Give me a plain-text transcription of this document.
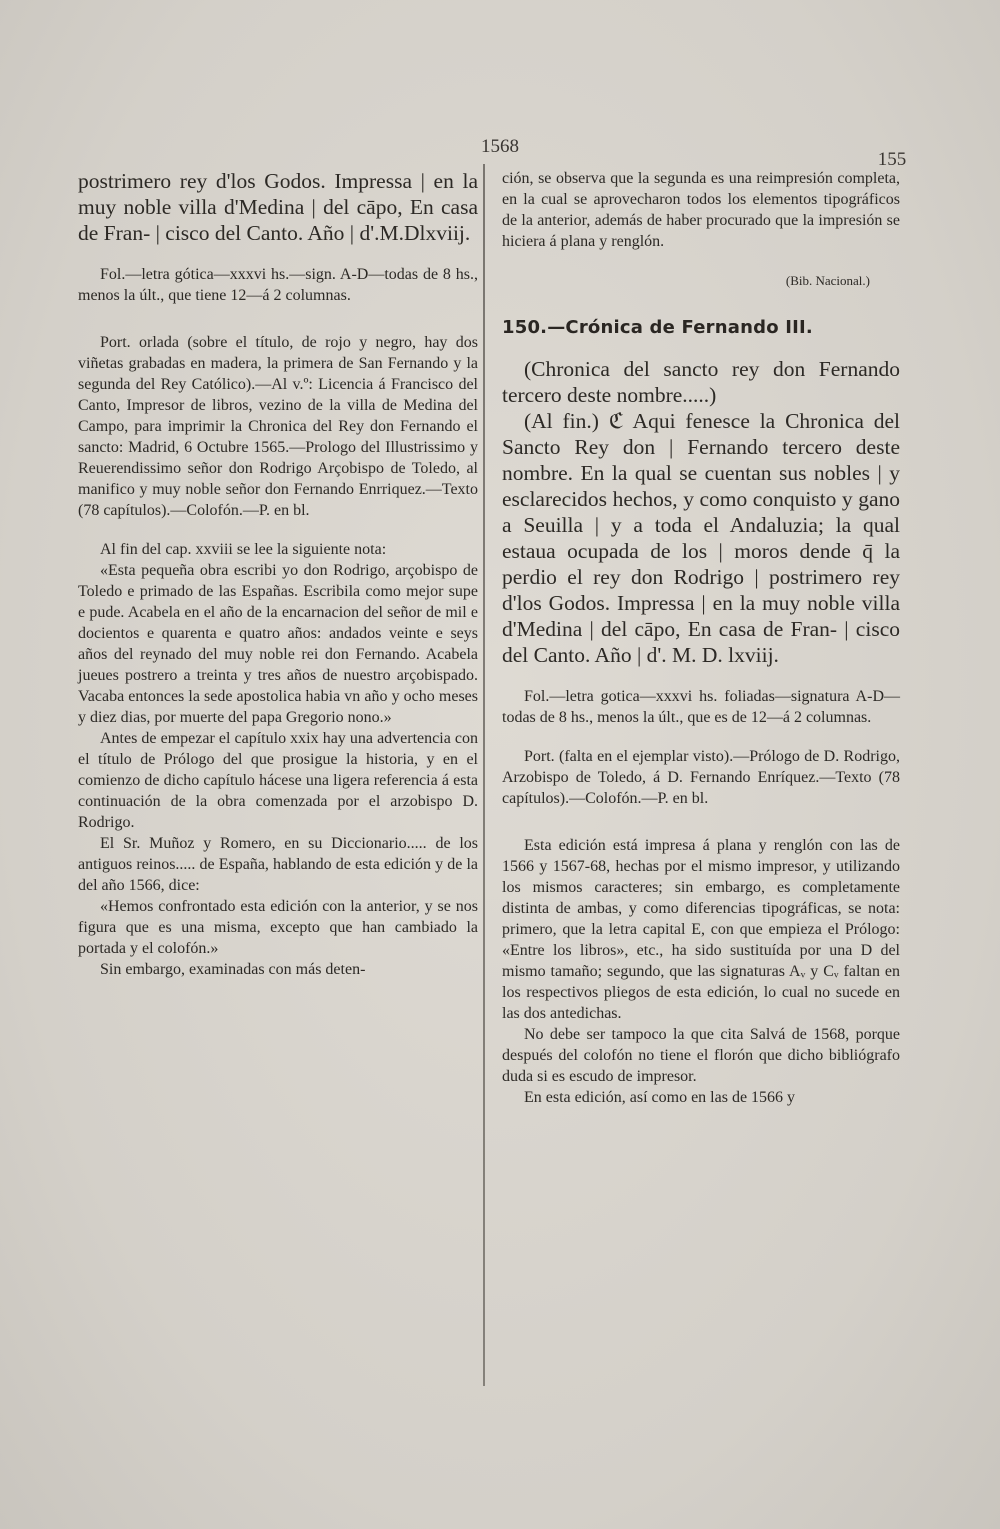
1568
155

postrimero rey d'los Godos. Impressa | en la muy noble villa d'Medina | del cāpo, En casa de Fran- | cisco del Canto. Año | d'.M.Dlxviij.

Fol.—letra gótica—xxxvi hs.—sign. A-D—todas de 8 hs., menos la últ., que tiene 12—á 2 columnas.

Port. orlada (sobre el título, de rojo y negro, hay dos viñetas grabadas en madera, la primera de San Fernando y la segunda del Rey Católico).—Al v.º: Licencia á Francisco del Canto, Impresor de libros, vezino de la villa de Medina del Campo, para imprimir la Chronica del Rey don Fernando el sancto: Madrid, 6 Octubre 1565.—Prologo del Illustrissimo y Reuerendissimo señor don Rodrigo Arçobispo de Toledo, al manifico y muy noble señor don Fernando Enrriquez.—Texto (78 capítulos).—Colofón.—P. en bl.

Al fin del cap. xxviii se lee la siguiente nota:

«Esta pequeña obra escribi yo don Rodrigo, arçobispo de Toledo e primado de las Españas. Escribila como mejor supe e pude. Acabela en el año de la encarnacion del señor de mil e docientos e quarenta e quatro años: andados veinte e seys años del reynado del muy noble rei don Fernando. Acabela jueues postrero a treinta y tres años de nuestro arçobispado. Vacaba entonces la sede apostolica habia vn año y ocho meses y diez dias, por muerte del papa Gregorio nono.»

Antes de empezar el capítulo xxix hay una advertencia con el título de Prólogo del que prosigue la historia, y en el comienzo de dicho capítulo hácese una ligera referencia á esta continuación de la obra comenzada por el arzobispo D. Rodrigo.

El Sr. Muñoz y Romero, en su Diccionario..... de los antiguos reinos..... de España, hablando de esta edición y de la del año 1566, dice:

«Hemos confrontado esta edición con la anterior, y se nos figura que es una misma, excepto que han cambiado la portada y el colofón.»

Sin embargo, examinadas con más deten-

ción, se observa que la segunda es una reimpresión completa, en la cual se aprovecharon todos los elementos tipográficos de la anterior, además de haber procurado que la impresión se hiciera á plana y renglón.

(Bib. Nacional.)

150.—Crónica de Fernando III.

(Chronica del sancto rey don Fernando tercero deste nombre.....)

(Al fin.) ℭ Aqui fenesce la Chronica del Sancto Rey don | Fernando tercero deste nombre. En la qual se cuentan sus nobles | y esclarecidos hechos, y como conquisto y gano a Seuilla | y a toda el Andaluzia; la qual estaua ocupada de los | moros dende q̄ la perdio el rey don Rodrigo | postrimero rey d'los Godos. Impressa | en la muy noble villa d'Medina | del cāpo, En casa de Fran- | cisco del Canto. Año | d'. M. D. lxviij.

Fol.—letra gotica—xxxvi hs. foliadas—signatura A-D—todas de 8 hs., menos la últ., que es de 12—á 2 columnas.

Port. (falta en el ejemplar visto).—Prólogo de D. Rodrigo, Arzobispo de Toledo, á D. Fernando Enríquez.—Texto (78 capítulos).—Colofón.—P. en bl.

Esta edición está impresa á plana y renglón con las de 1566 y 1567-68, hechas por el mismo impresor, y utilizando los mismos caracteres; sin embargo, es completamente distinta de ambas, y como diferencias tipográficas, se nota: primero, que la letra capital E, con que empieza el Prólogo: «Entre los libros», etc., ha sido sustituída por una D del mismo tamaño; segundo, que las signaturas Aᵥ y Cᵥ faltan en los respectivos pliegos de esta edición, lo cual no sucede en las dos antedichas.

No debe ser tampoco la que cita Salvá de 1568, porque después del colofón no tiene el florón que dicho bibliógrafo duda si es escudo de impresor.

En esta edición, así como en las de 1566 y
